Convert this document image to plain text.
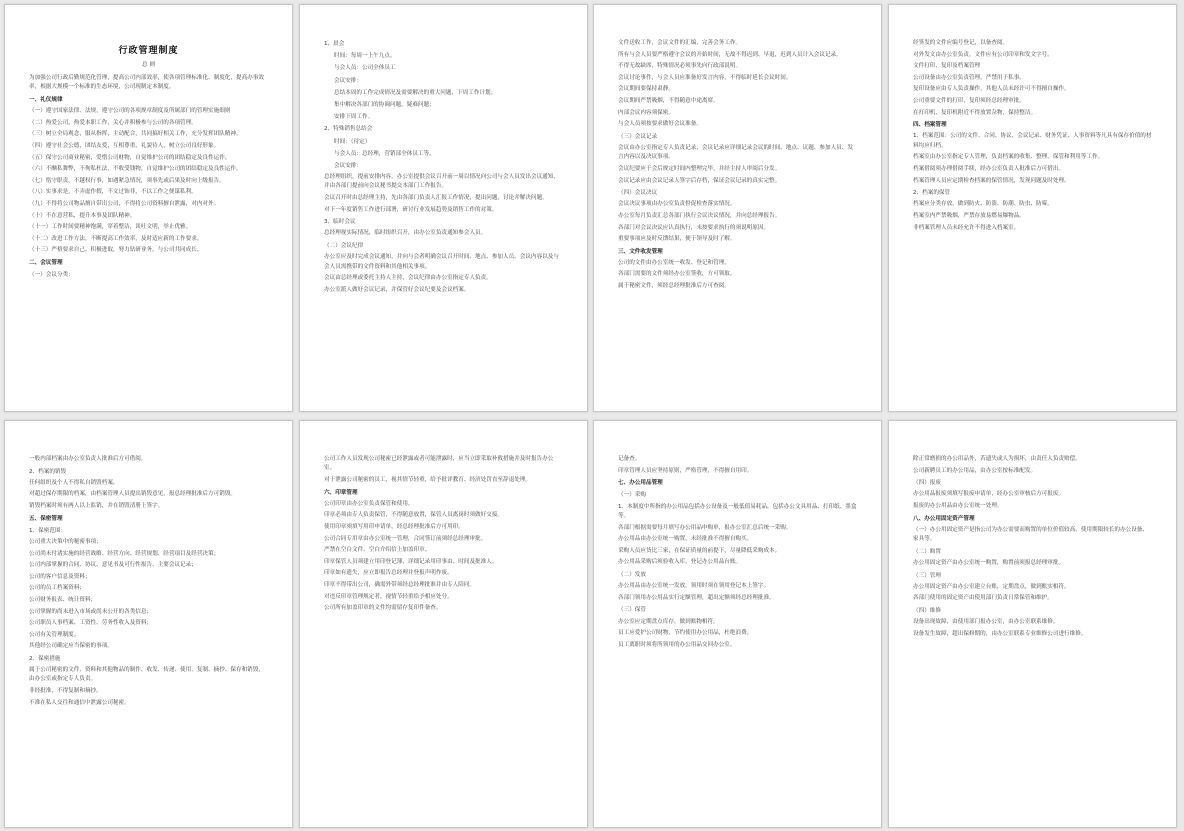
行政管理制度
总 则
为加强公司行政后勤规范化管理，提高公司内部效率，使各项管理标准化、制度化，提高办事效率，根据大规模一个标准的生态环境，公司现制定本制度。
一、礼仪规律
（一）遵守国家法律、法规，遵守公司的各项规章制度及所属部门的管理实施细则
（二）热爱公司，热爱本职工作，关心并积极参与公司的各项管理。
（三）树立全局观念，服从指挥，主动配合，共同搞好相关工作，充分发挥团队精神。
（四）遵守社会公德，团结友爱，互相尊重，礼貌待人，树立公司良好形象。
（五）保守公司商业秘密，爱惜公司财物，自觉维护公司的团结稳定及良性运作。
（六）不酗私舞弊，不徇私枉法，不收受钱物，自觉维护公司的团结稳定及良性运作。
（七）恪守职责，不越权行事，如遇紧急情况，须事先或后果及时向上级报告。
（八）实事求是，不弄虚作假，不文过饰非，不以工作之便谋私利。
（九）不得将公司物品擅自带出公司，不得将公司资料擅自泄露，对内对外。
（十）不在意营私，提升本事及团队精神。
（十一）工作时间要精神饱满，穿着整洁，谈吐文明，举止优雅。
（十二）改进工作方法，不断提高工作效率，及时适应新的工作要求。
（十三）严格要求自己，积极进取，努力钻研业务，与公司共同成长。
二、会议管理
（一）会议分类：
1、晨会
时间：每周一上午九点。
与会人员：公司全体员工
会议安排：
总结本周的工作完成情况及需要解决的重大问题，下周工作计划；
集中解决各部门的协调问题，疑难问题；
安排下周工作。
2、特殊销售总结会
时间：（待定）
与会人员：总经理，营销部全体员工等。
会议安排：
总经理组织，提前安排内容，办公室提供会议召开前一周以情况向公司与会人员发出会议通知，并由各部门提前向会议秘书提交本部门工作报告。
会议召开时由总经理主持，先由各部门负责人汇报工作情况，提出问题，讨论并解决问题。
对下一年度销售工作进行部署，研讨行业发展趋势及销售工作的对策。
3、临时会议
总经理视实际情况，临时组织召开，由办公室负责通知参会人员。
（二）会议纪律
办公室应及时完成会议通知，并向与会者明确会议召开时间、地点、参加人员、会议内容以及与会人员需携带的文件资料和其他相关事项。
会议由总经理或委托主持人主持，会议纪律由办公室指定专人负责。
办公室派人做好会议记录，并保管好会议纪要及会议档案。
文件送收工作，会议文件的汇编，完善会务工作。
所有与会人员要严格遵守会议的开始时间，无故不得迟到、早退，迟到人员计入会议记录。
不得无故缺席，特殊情况必须事先向行政部说明。
会议讨论事件，与会人员应准备好发言内容，不得临时延长会议时间。
会议期间要保持肃静。
会议期间严禁吸烟，不得随意中途离席。
内部会议内容须保密。
与会人员须按要求做好会议准备。
（三）会议记录
会议由办公室指定专人负责记录，会议记录应详细记录会议的时间、地点、议题、参加人员、发言内容以及决议事项。
会议纪要应于会后规定时间内整理完毕，并经主持人审阅后分发。
会议记录应由会议记录人签字后存档，保证会议记录的真实完整。
（四）会议决议
会议决议事项由办公室负责督促检查落实情况。
办公室每月负责汇总各部门执行会议决议情况，并向总经理报告。
各部门对会议决议应认真执行，未按要求执行的须说明原因。
重要事项应及时反馈结果，便于领导及时了解。
三、文件收发管理
公司的文件由办公室统一收发、登记和管理。
各部门需要的文件须经办公室签收，方可领取。
属于秘密文件，须经总经理批准后方可查阅。
经签发的文件应编号登记，以备查阅。
对外发文由办公室负责，文件应有公司印章和发文字号。
文件打印、复印及档案管理
公司设备由办公室负责管理，严禁用于私事。
复印设备应由专人负责操作，其他人员未经许可不得擅自操作。
公司重要文件的打印，复印须经总经理审批。
在打印机、复印机附近不得放置杂物，保持整洁。
四、档案管理
1、档案范围：公司的文件、合同、协议、会议记录、财务凭证、人事资料等凡具有保存价值的材料均应归档。
档案室由办公室指定专人管理，负责档案的收集、整理、保管和利用等工作。
档案借阅须办理借阅手续，经办公室负责人批准后方可借出。
档案管理人员应定期检查档案的保管情况，发现问题及时处理。
2、档案的保管
档案应分类存放，做到防火、防盗、防潮、防虫、防霉。
档案室内严禁吸烟，严禁存放易燃易爆物品。
非档案管理人员未经允许不得进入档案室。
一般内部档案由办公室负责人批准后方可借阅。
2、档案的销毁
任何组织及个人不得私自销毁档案。
对超过保存期限的档案，由档案管理人员提出销毁意见，报总经理批准后方可销毁。
销毁档案时须有两人以上监销，并在销毁清册上签字。
五、保密管理
1、保密范围：
公司重大决策中的秘密事项；
公司尚未付诸实施的经营战略、经营方向、经营规划、经营项目及经营决策；
公司内部掌握的合同、协议、意见书及可行性报告、主要会议记录；
公司的客户信息及资料；
公司的员工档案资料；
公司财务报表、统计资料；
公司掌握的尚未进入市场或尚未公开的各类信息；
公司职员人事档案、工资性、劳务性收入及资料；
公司有关管理制度。
其他经公司确定应当保密的事项。
2、保密措施
属于公司秘密的文件、资料和其他物品的制作、收发、传递、使用、复制、摘抄、保存和销毁，由办公室或指定专人负责。
非经批准，不得复制和摘抄。
不准在私人交往和通信中泄露公司秘密。
公司工作人员发现公司秘密已经泄露或者可能泄露时，应当立即采取补救措施并及时报告办公室。
对于泄露公司秘密的员工，视其情节轻重，给予批评教育、经济处罚直至辞退处理。
六、印章管理
公司印章由办公室负责保管和使用。
印章必须由专人负责保管，不得随意放置，保管人员离岗时须做好交接。
使用印章须填写用印申请单，经总经理批准后方可用印。
公司合同专用章由办公室统一管理，合同签订前须经总经理审批。
严禁在空白文件、空白介绍信上加盖印章。
印章保管人员须建立用印登记簿，详细记录用印事由、时间及批准人。
印章如有遗失，应立即报告总经理并登报声明作废。
印章不得带出公司，确需外带须经总经理批准并由专人陪同。
对违反印章管理规定者，视情节轻重给予相应处分。
公司所有加盖印章的文件均需留存复印件备查。
记备查。
印章管理人员应坚持原则，严格管理，不得擅自用印。
七、办公用品管理
（一）采购
1、本制度中所指的办公用品包括办公设备及一般低值易耗品，包括办公文具用品、打印纸、墨盒等。
各部门根据需要每月填写办公用品申购单，报办公室汇总后统一采购。
办公用品由办公室统一购置，未经批准不得擅自购买。
采购人员应货比三家，在保证质量的前提下，尽量降低采购成本。
办公用品采购后须验收入库，登记办公用品台账。
（二）发放
办公用品由办公室统一发放，领用时须在领用登记本上签字。
各部门领用办公用品实行定额管理，超出定额须经总经理批准。
（三）保管
办公室应定期盘点库存，做到账物相符。
员工应爱护公司财物，节约使用办公用品，杜绝浪费。
员工离职时须将所领用的办公用品交回办公室。
除正常磨损的办公用品外，若遗失或人为损坏，由责任人负责赔偿。
公司新聘员工的办公用品，由办公室按标准配发。
（四）报废
办公用品报废须填写报废申请单，经办公室审核后方可报废。
报废的办公用品由办公室统一处理。
八、办公用固定资产管理
（一）办公用固定资产是指公司为办公需要而购置的单位价值较高、使用期限较长的办公设备、家具等。
（二）购置
办公用固定资产由办公室统一购置，购置前须报总经理审批。
（三）管理
办公用固定资产由办公室建立台账，定期盘点，做到账实相符。
各部门使用的固定资产由使用部门负责日常保管和维护。
（四）维修
设备出现故障，由使用部门报办公室，由办公室联系维修。
设备发生故障，超出保修期的，由办公室联系专业维修公司进行维修。
